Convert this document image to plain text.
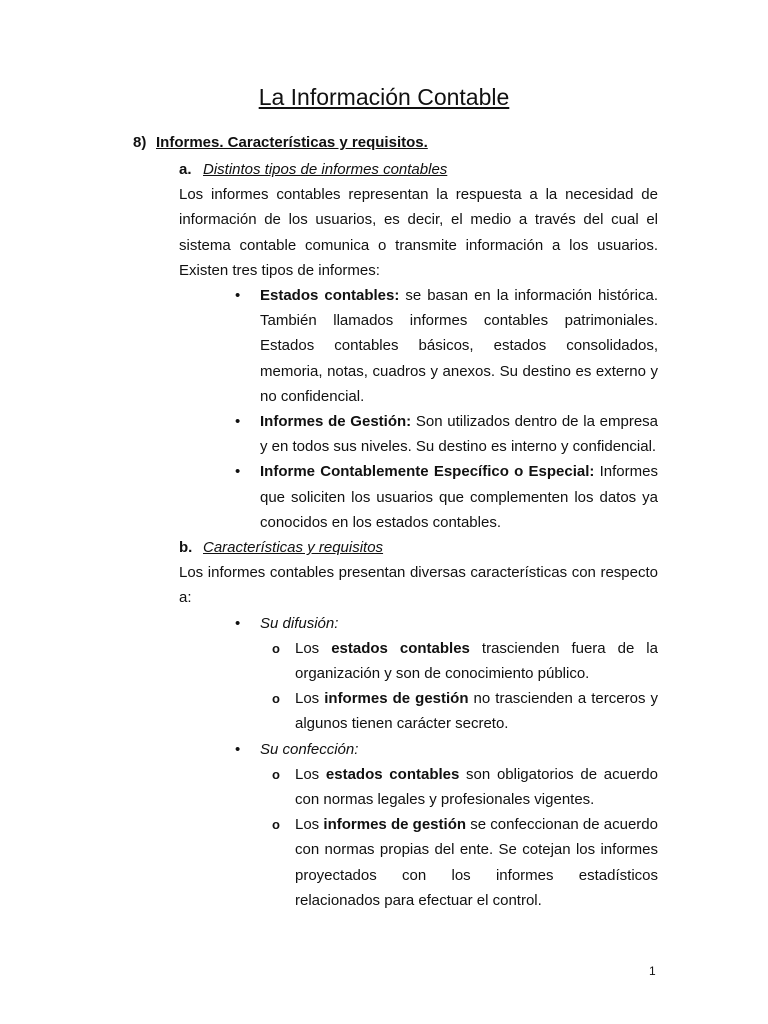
La Información Contable
8) Informes. Características y requisitos.
a. Distintos tipos de informes contables

Los informes contables representan la respuesta a la necesidad de información de los usuarios, es decir, el medio a través del cual el sistema contable comunica o transmite información a los usuarios. Existen tres tipos de informes:

• Estados contables: se basan en la información histórica. También llamados informes contables patrimoniales. Estados contables básicos, estados consolidados, memoria, notas, cuadros y anexos. Su destino es externo y no confidencial.
• Informes de Gestión: Son utilizados dentro de la empresa y en todos sus niveles. Su destino es interno y confidencial.
• Informe Contablemente Específico o Especial: Informes que soliciten los usuarios que complementen los datos ya conocidos en los estados contables.
b. Características y requisitos

Los informes contables presentan diversas características con respecto a:

• Su difusión:
o Los estados contables trascienden fuera de la organización y son de conocimiento público.
o Los informes de gestión no trascienden a terceros y algunos tienen carácter secreto.
• Su confección:
o Los estados contables son obligatorios de acuerdo con normas legales y profesionales vigentes.
o Los informes de gestión se confeccionan de acuerdo con normas propias del ente. Se cotejan los informes proyectados con los informes estadísticos relacionados para efectuar el control.
1
